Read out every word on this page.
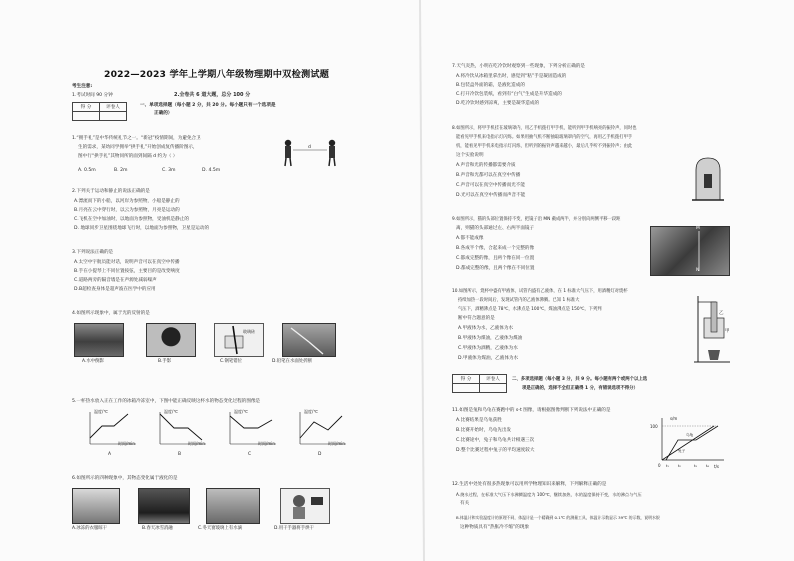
2022—2023 学年上学期八年级物理期中双检测试题
考生注意:
1.考试时间 90 分钟	2.全卷共 6 道大题，总分 100 分
得 分	评卷人
		一、单项选择题（每小题 2 分，共 20 分。每小题只有一个选项是
正确的）
1.“拥手礼”是中华传统礼节之一。“新冠”疫情期间，为避免合卫
生的需求，某幼同学拥举“拱手礼”开始创成复传播阶图示，
图中行“拱手礼”其物同所的面到间隔 d 约为（ ）
A. 0.5m	B. 2m	C. 3m	D. 4.5m
d
2.下列关于运动和静止的说法正确的是
A.漂流而下的小船，以河岸为参照物，小船是静止的
B.月亮在云中穿行时，以云为参照物，月亮是运动的
C.飞机在空中加油时，以地面为参照物，受油机是静止的
D. 地球同步卫星围绕地球飞行时，以地面为参照物，卫星是运动的
3.下列说法正确的是
A.太空中宇航员能对话，说明声音可以在真空中传播
B.手在小提琴上不同位置按弦，主要目的是改变响度
C.道路两旁的隔音墙是在声源处减弱噪声
D.B超检查身体是超声波在医学中的应用
4.如图所示现象中，属于光的反射的是
玻璃砖
A.水中倒影	B.手影	C.钢笔错位	D.铅笔在水面处折断
5.一杯热水放入正在工作的冰箱冷冻室中，下图中能正确反映这杯水的物态变化过程的图像是
温度/℃	温度/℃	温度/℃	温度/℃
时间/min	时间/min	时间/min	时间/min
A	B	C	D
6.如图所示的四种现象中，其物态变化属于液化的是
A.冰冻的衣服晾干	B.春天冰雪消融	C.冬天窗玻璃上有水滴	D.用干手器将手烘干
7.天气炎热，小明在吃冷饮时观察到一些现象，下列分析正确的是
A.将冷饮从冰箱里拿出时，感觉到“粘”手是凝固造成的
B.包装盒外面的霜，是液化造成的
C.打开冷饮包装纸，看到有“白气”生成是升华造成的
D.吃冷饮时感到凉爽，主要是凝华造成的
8.如图所示，将甲手机挂在玻璃罩内，用乙手机拨打甲手机，能听到甲手机响亮的振铃声，同时也
能看见甲手机来电指示灯闪烁。如果用抽气机不断抽取玻璃罩内的空气，再用乙手机拨打甲手
机，能看见甲手机来电指示灯闪烁，但听到的振铃声越来越小，最后几乎听不到振铃声；由此
这个实验说明
A.声音和光的传播都需要介质
B.声音和光都可以在真空中传播
C.声音可以在真空中传播而光不能
D.光可以在真空中传播而声音不能
9.如图所示，猫的头部位置保持不变，把镜子沿 MN 截成两半，并分别向两侧平移一段距
离，则猫的头部通过左、右两半面镜子
A.都不能成像
B.各成半个像，合起来成一个完整的像
C.都成完整的像，且两个像在同一位置
D.都成完整的像，且两个像在不同位置
M
N
10.如图所示，烧杯中盛有甲液体，试管内盛有乙液体，在 1 标准大气压下，用酒精灯对烧杯
持续加热一段时间后，发现试管内的乙液体沸腾。已知 1 标准大
气压下，酒精沸点是 78℃，水沸点是 100℃，煤油沸点是 150℃，下列判
断中符合题意的是
A.甲液体为水，乙液体为水
B.甲液体为煤油，乙液体为煤油
C.甲液体为酒精，乙液体为水
D.甲液体为煤油，乙液体为水
乙
甲
得 分	评卷人
		二、多项选择题（每小题 3 分，共 9 分。每小题有两个或两个以上选
项是正确的，选择不全但正确得 1 分，有错误选项不得分）
11.如图是兔和乌龟在赛跑中的 s-t 图像，请根据图像判断下列说法中正确的是
A.比赛结果是乌龟获胜
B.比赛开始时，乌龟先出发
C.比赛途中，兔子和乌龟共计相遇三次
D.整个比赛过程中兔子的平均速度较大
s/m
100
t/s
0 t₁	t₂	t₃	t₄
乌龟
兔子
12.生活中处处有很多热现象可以用所学物理知识来解释，下列解释正确的是
A.烧水过程，在标准大气压下水沸腾温度为 100℃，继续加热，水的温度保持不变，水的沸点与气压
有关
B.体温计和实验温度计的原理不同，体温计是一个精确到 0.1℃ 的测量工具，体温计示数显示 39℃ 的示数，说明水银
这种物质具有“热胀冷不缩”的现象
